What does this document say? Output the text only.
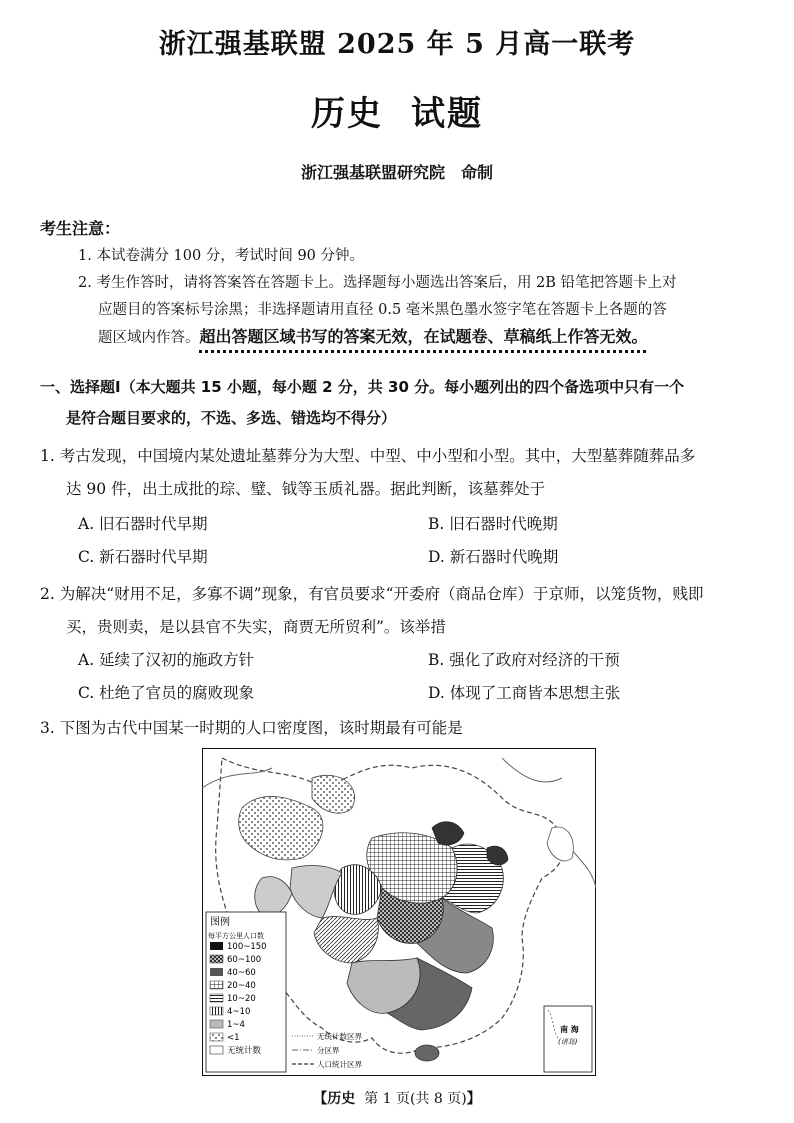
浙江强基联盟 2025 年 5 月高一联考
历史 试题
浙江强基联盟研究院 命制
考生注意：
1. 本试卷满分 100 分，考试时间 90 分钟。
2. 考生作答时，请将答案答在答题卡上。选择题每小题选出答案后，用 2B 铅笔把答题卡上对
应题目的答案标号涂黑；非选择题请用直径 0.5 毫米黑色墨水签字笔在答题卡上各题的答
题区域内作答。超出答题区域书写的答案无效，在试题卷、草稿纸上作答无效。
一、选择题Ⅰ（本大题共 15 小题，每小题 2 分，共 30 分。每小题列出的四个备选项中只有一个
是符合题目要求的，不选、多选、错选均不得分）
1. 考古发现，中国境内某处遗址墓葬分为大型、中型、中小型和小型。其中，大型墓葬随葬品多
达 90 件，出土成批的琮、璧、钺等玉质礼器。据此判断，该墓葬处于
A. 旧石器时代早期	B. 旧石器时代晚期
C. 新石器时代早期	D. 新石器时代晚期
2. 为解决“财用不足，多寡不调”现象，有官员要求“开委府（商品仓库）于京师，以笼货物，贱即
买，贵则卖，是以县官不失实，商贾无所贸利”。该举措
A. 延续了汉初的施政方针	B. 强化了政府对经济的干预
C. 杜绝了官员的腐败现象	D. 体现了工商皆本思想主张
3. 下图为古代中国某一时期的人口密度图，该时期最有可能是
图例
每平方公里人口数
100~150
60~100
40~60
20~40
10~20
4~10
1~4
<1
无统计数
无统计数区界
分区界
人口统计区界
南 海
(诸岛)
【历史 第 1 页(共 8 页)】
